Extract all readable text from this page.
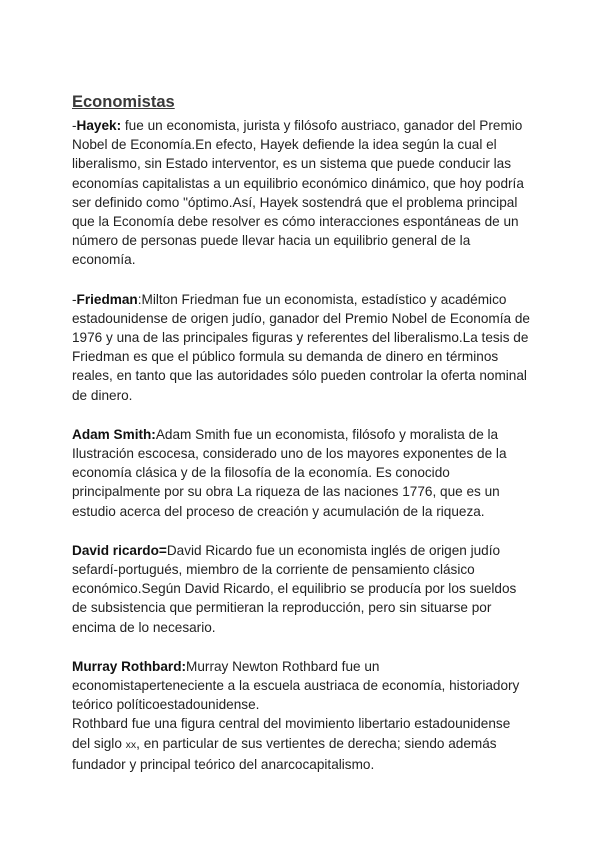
Economistas

-Hayek: fue un economista, jurista y filósofo austriaco, ganador del Premio Nobel de Economía.En efecto, Hayek defiende la idea según la cual el liberalismo, sin Estado interventor, es un sistema que puede conducir las economías capitalistas a un equilibrio económico dinámico, que hoy podría ser definido como "óptimo.Así, Hayek sostendrá que el problema principal que la Economía debe resolver es cómo interacciones espontáneas de un número de personas puede llevar hacia un equilibrio general de la economía.

-Friedman:Milton Friedman fue un economista, estadístico y académico estadounidense de origen judío, ganador del Premio Nobel de Economía de 1976 y una de las principales figuras y referentes del liberalismo.La tesis de Friedman es que el público formula su demanda de dinero en términos reales, en tanto que las autoridades sólo pueden controlar la oferta nominal de dinero.

Adam Smith:Adam Smith fue un economista, filósofo y moralista de la Ilustración escocesa, considerado uno de los mayores exponentes de la economía clásica y de la filosofía de la economía. Es conocido principalmente por su obra La riqueza de las naciones 1776, que es un estudio acerca del proceso de creación y acumulación de la riqueza.

David ricardo=David Ricardo fue un economista inglés de origen judío sefardí-portugués, miembro de la corriente de pensamiento clásico económico.Según David Ricardo, el equilibrio se producía por los sueldos de subsistencia que permitieran la reproducción, pero sin situarse por encima de lo necesario.

Murray Rothbard:Murray Newton Rothbard fue un economistaperteneciente a la escuela austriaca de economía, historiadory teórico políticoestadounidense.

Rothbard fue una figura central del movimiento libertario estadounidense del siglo xx, en particular de sus vertientes de derecha; siendo además fundador y principal teórico del anarcocapitalismo.
